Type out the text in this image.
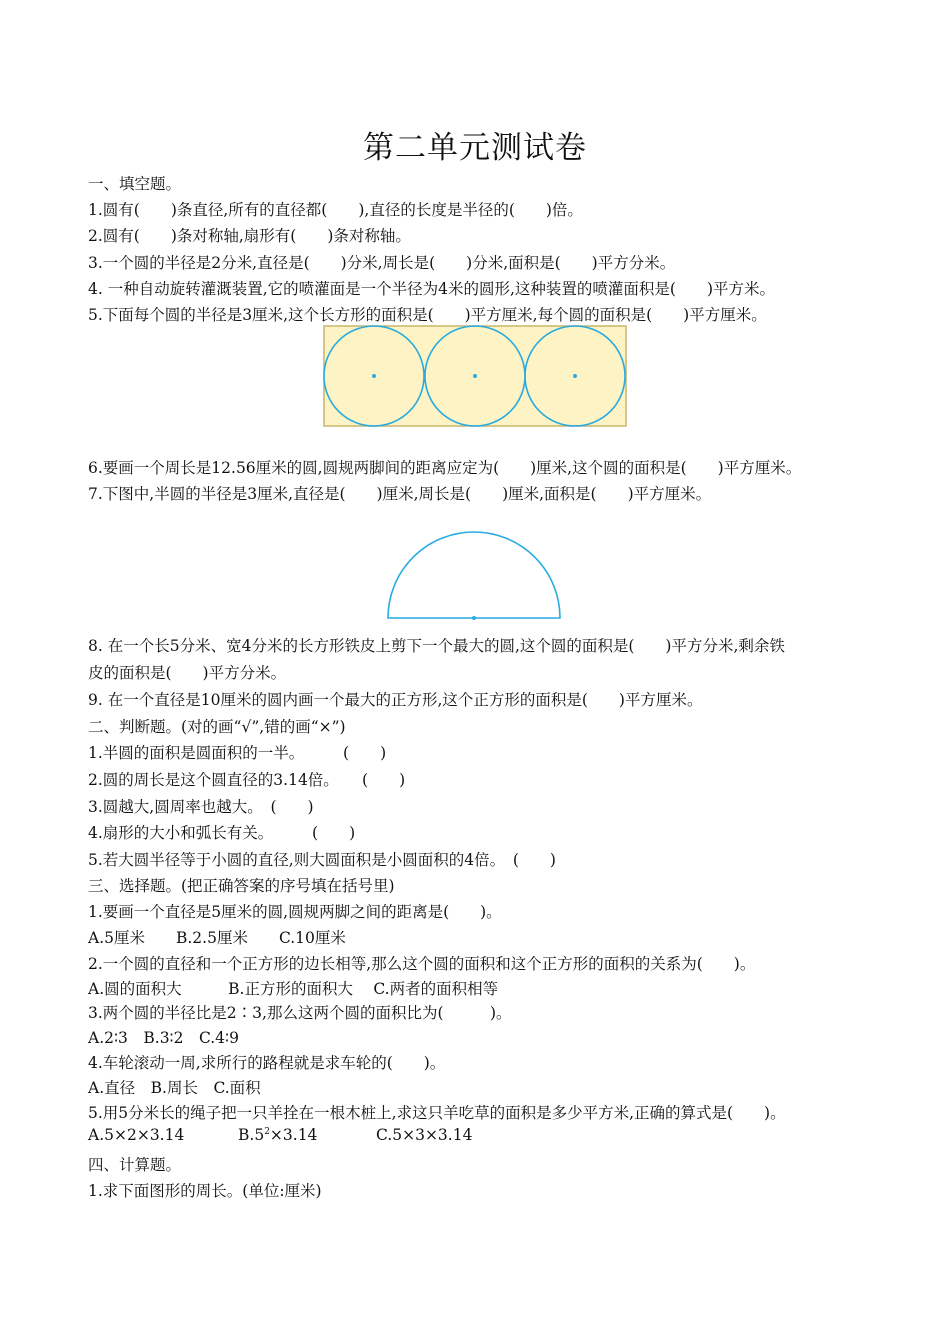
第二单元测试卷
一、填空题。
1.圆有(　　)条直径,所有的直径都(　　),直径的长度是半径的(　　)倍。
2.圆有(　　)条对称轴,扇形有(　　)条对称轴。
3.一个圆的半径是2分米,直径是(　　)分米,周长是(　　)分米,面积是(　　)平方分米。
4. 一种自动旋转灌溉装置,它的喷灌面是一个半径为4米的圆形,这种装置的喷灌面积是(　　)平方米。
5.下面每个圆的半径是3厘米,这个长方形的面积是(　　)平方厘米,每个圆的面积是(　　)平方厘米。
6.要画一个周长是12.56厘米的圆,圆规两脚间的距离应定为(　　)厘米,这个圆的面积是(　　)平方厘米。
7.下图中,半圆的半径是3厘米,直径是(　　)厘米,周长是(　　)厘米,面积是(　　)平方厘米。
8. 在一个长5分米、宽4分米的长方形铁皮上剪下一个最大的圆,这个圆的面积是(　　)平方分米,剩余铁
皮的面积是(　　)平方分米。
9. 在一个直径是10厘米的圆内画一个最大的正方形,这个正方形的面积是(　　)平方厘米。
二、判断题。(对的画“√”,错的画“×”)
1.半圆的面积是圆面积的一半。　　　(　　)
2.圆的周长是这个圆直径的3.14倍。　　(　　)
3.圆越大,圆周率也越大。　(　　)
4.扇形的大小和弧长有关。　　　(　　)
5.若大圆半径等于小圆的直径,则大圆面积是小圆面积的4倍。　(　　)
三、选择题。(把正确答案的序号填在括号里)
1.要画一个直径是5厘米的圆,圆规两脚之间的距离是(　　)。
A.5厘米　　B.2.5厘米　　C.10厘米
2.一个圆的直径和一个正方形的边长相等,那么这个圆的面积和这个正方形的面积的关系为(　　)。
A.圆的面积大　　　B.正方形的面积大　 C.两者的面积相等
3.两个圆的半径比是2∶3,那么这两个圆的面积比为(　　　)。
A.2∶3　B.3∶2　C.4∶9
4.车轮滚动一周,求所行的路程就是求车轮的(　　)。
A.直径　B.周长　C.面积
5.用5分米长的绳子把一只羊拴在一根木桩上,求这只羊吃草的面积是多少平方米,正确的算式是(　　)。
A.5×2×3.14	$B.5^2\times 3.14$	C.5×3×3.14
四、计算题。
1.求下面图形的周长。(单位:厘米)
